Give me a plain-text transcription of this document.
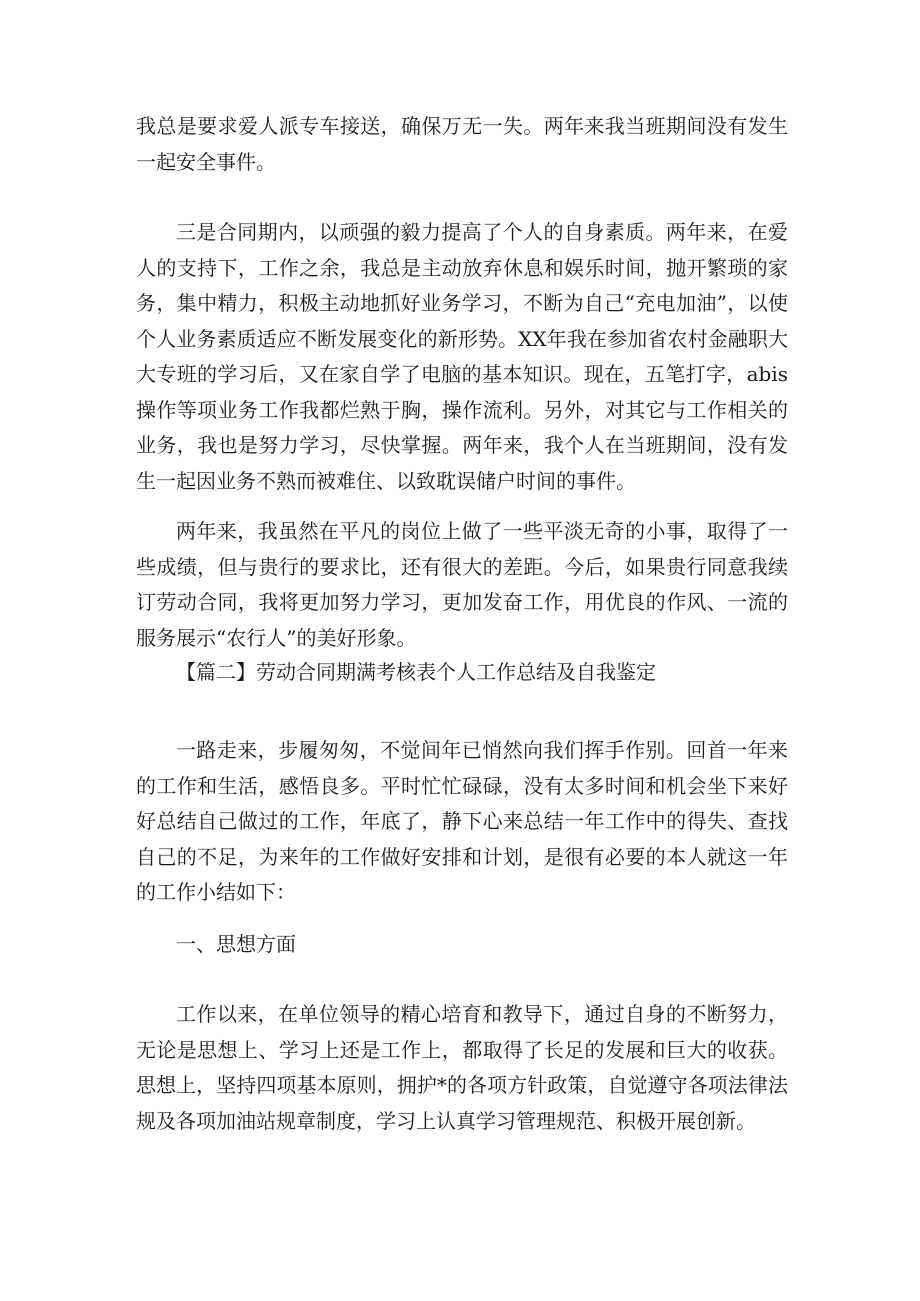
我总是要求爱人派专车接送，确保万无一失。两年来我当班期间没有发生一起安全事件。

三是合同期内，以顽强的毅力提高了个人的自身素质。两年来，在爱人的支持下，工作之余，我总是主动放弃休息和娱乐时间，抛开繁琐的家务，集中精力，积极主动地抓好业务学习，不断为自己“充电加油”，以使个人业务素质适应不断发展变化的新形势。XX年我在参加省农村金融职大大专班的学习后，又在家自学了电脑的基本知识。现在，五笔打字，abis操作等项业务工作我都烂熟于胸，操作流利。另外，对其它与工作相关的业务，我也是努力学习，尽快掌握。两年来，我个人在当班期间，没有发生一起因业务不熟而被难住、以致耽误储户时间的事件。

两年来，我虽然在平凡的岗位上做了一些平淡无奇的小事，取得了一些成绩，但与贵行的要求比，还有很大的差距。今后，如果贵行同意我续订劳动合同，我将更加努力学习，更加发奋工作，用优良的作风、一流的服务展示“农行人”的美好形象。

【篇二】劳动合同期满考核表个人工作总结及自我鉴定

一路走来，步履匆匆，不觉间年已悄然向我们挥手作别。回首一年来的工作和生活，感悟良多。平时忙忙碌碌，没有太多时间和机会坐下来好好总结自己做过的工作，年底了，静下心来总结一年工作中的得失、查找自己的不足，为来年的工作做好安排和计划，是很有必要的本人就这一年的工作小结如下：

一、思想方面

工作以来，在单位领导的精心培育和教导下，通过自身的不断努力，无论是思想上、学习上还是工作上，都取得了长足的发展和巨大的收获。思想上，坚持四项基本原则，拥护*的各项方针政策，自觉遵守各项法律法规及各项加油站规章制度，学习上认真学习管理规范、积极开展创新。
